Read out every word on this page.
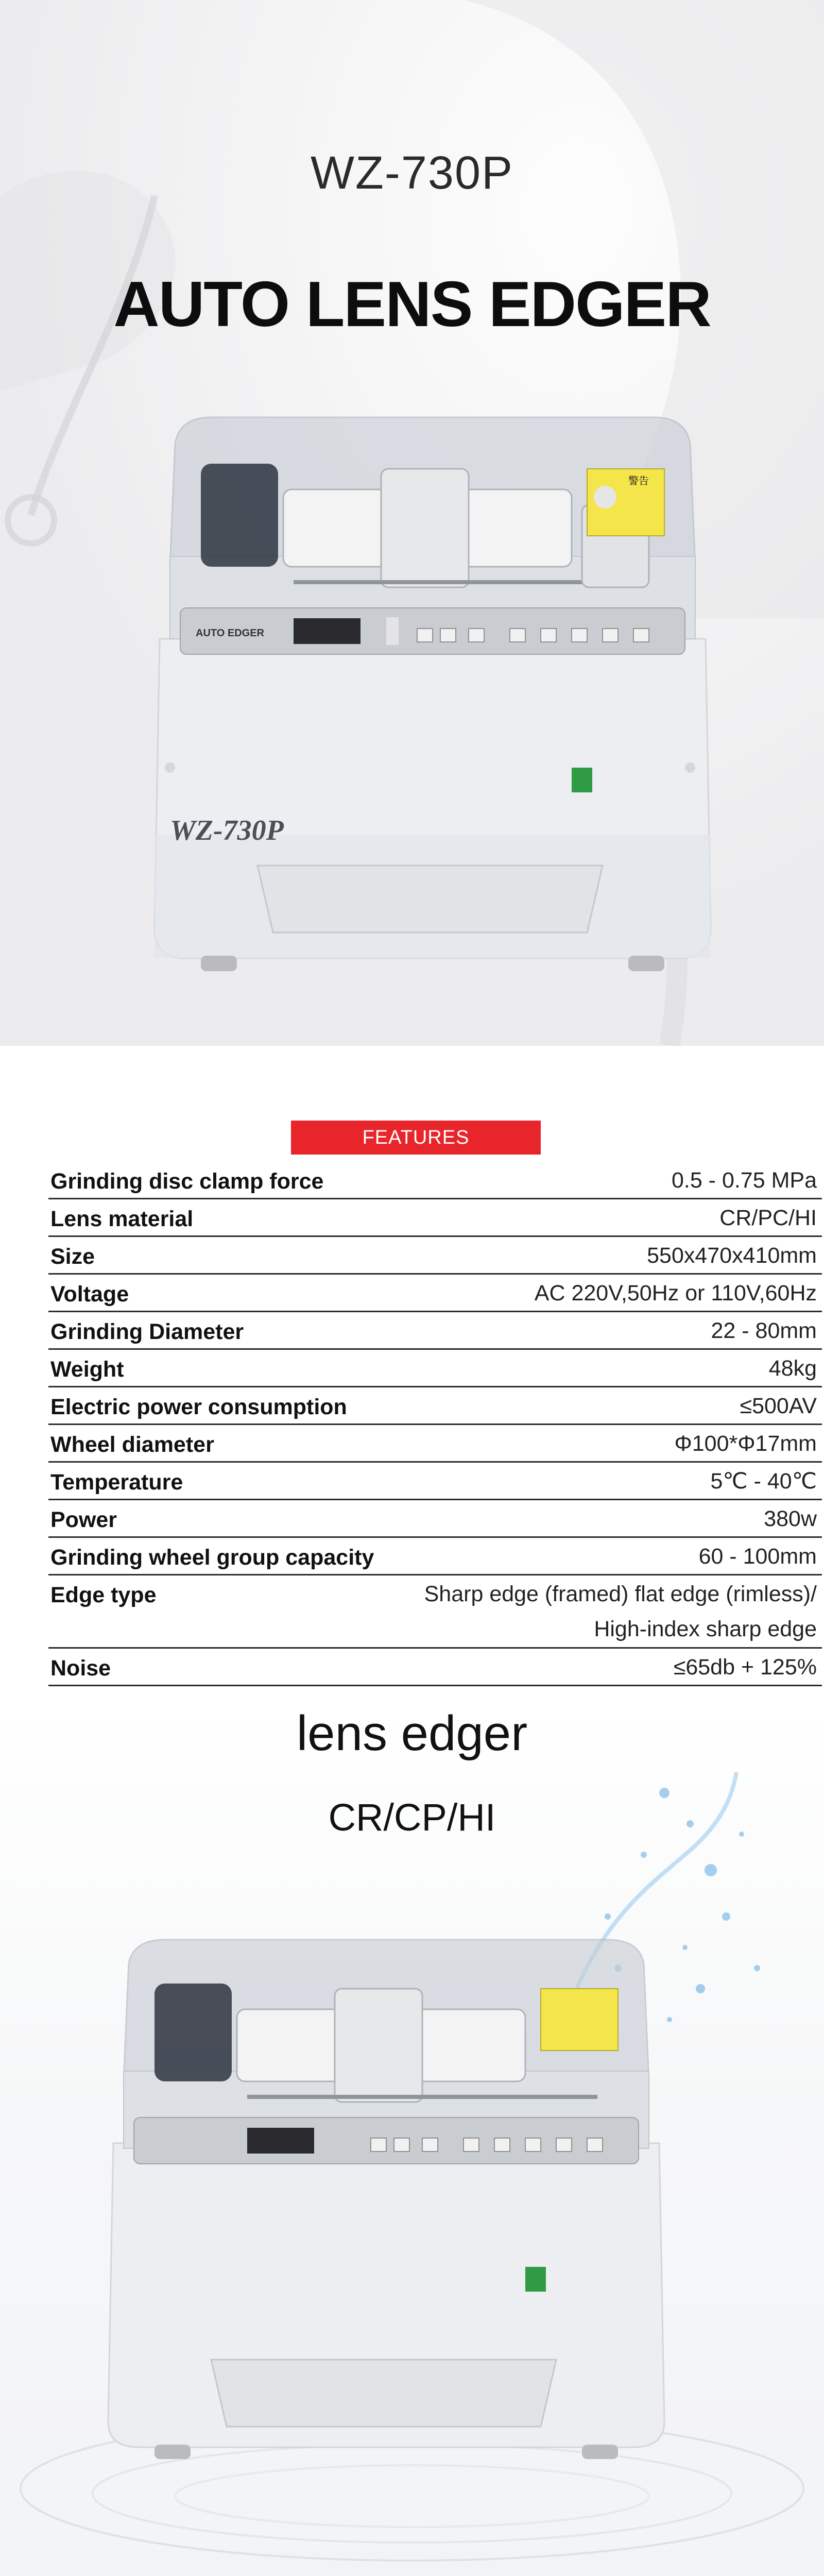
WZ-730P
AUTO LENS EDGER
警告
AUTO EDGER
WZ-730P
FEATURES
Grinding disc clamp force	0.5 - 0.75 MPa
Lens material	CR/PC/HI
Size	550x470x410mm
Voltage	AC 220V,50Hz or 110V,60Hz
Grinding Diameter	22 - 80mm
Weight	48kg
Electric power consumption	≤500AV
Wheel diameter	Φ100*Φ17mm
Temperature	5℃ - 40℃
Power	380w
Grinding wheel group capacity	60 - 100mm
Edge type	Sharp edge (framed) flat edge (rimless)/
High-index sharp edge
Noise	≤65db + 125%
lens edger
CR/CP/HI
